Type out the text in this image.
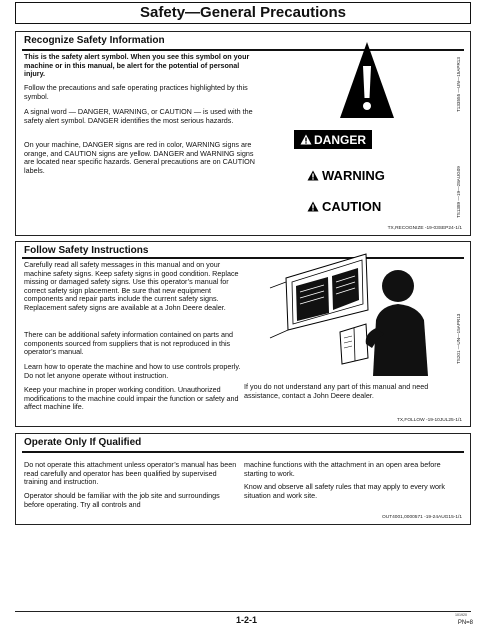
Safety—General Precautions
Recognize Safety Information

This is the safety alert symbol. When you see this symbol on your machine or in this manual, be alert for the potential of personal injury.

Follow the precautions and safe operating practices highlighted by this symbol.

A signal word — DANGER, WARNING, or CAUTION — is used with the safety alert symbol. DANGER identifies the most serious hazards.

On your machine, DANGER signs are red in color, WARNING signs are orange, and CAUTION signs are yellow. DANGER and WARNING signs are located near specific hazards. General precautions are on CAUTION labels.

T133555 —UN—15APR13
DANGER
WARNING
CAUTION	TS1389 —19—28AUG09
TX,RECOGNIZE -19-03SEP24-1/1
Follow Safety Instructions

Carefully read all safety messages in this manual and on your machine safety signs. Keep safety signs in good condition. Replace missing or damaged safety signs. Use this operator’s manual for correct safety sign placement. Be sure that new equipment components and repair parts include the current safety signs. Replacement safety signs are available at a John Deere dealer.

There can be additional safety information contained on parts and components sourced from suppliers that is not reproduced in this operator’s manual.

Learn how to operate the machine and how to use controls properly. Do not let anyone operate without instruction.

Keep your machine in proper working condition. Unauthorized modifications to the machine could impair the function or safety and affect machine life.

If you do not understand any part of this manual and need assistance, contact a John Deere dealer.

TS201 —UN—15APR13
TX,FOLLOW -19-10JUL25-1/1
Operate Only If Qualified

Do not operate this attachment unless operator’s manual has been read carefully and operator has been qualified by supervised training and instruction.

Operator should be familiar with the job site and surroundings before operating. Try all controls and

machine functions with the attachment in an open area before starting to work.

Know and observe all safety rules that may apply to every work situation and work site.

OUT4001,0000571 -19-24AUG15-1/1
1-2-1	101920
PN=8
